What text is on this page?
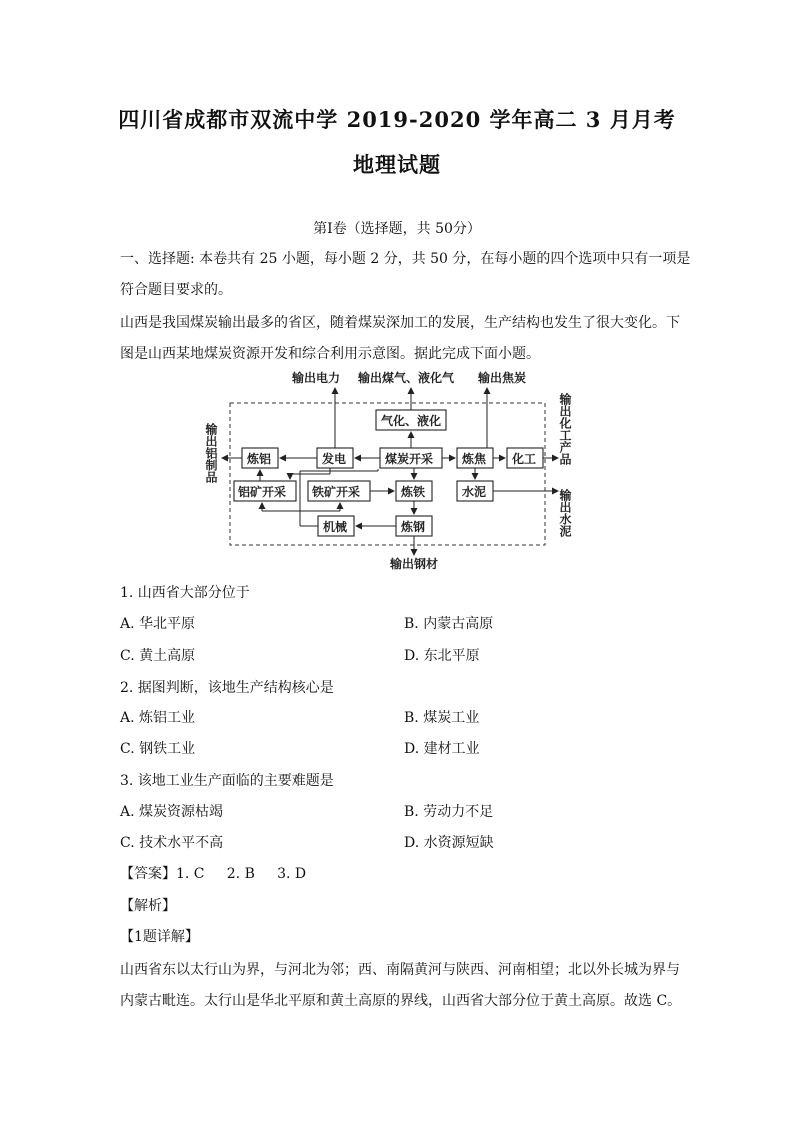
四川省成都市双流中学 2019-2020 学年高二 3 月月考
地理试题
第Ⅰ卷（选择题，共 50分）
一、选择题: 本卷共有 25 小题，每小题 2 分，共 50 分，在每小题的四个选项中只有一项是
符合题目要求的。
山西是我国煤炭输出最多的省区，随着煤炭深加工的发展，生产结构也发生了很大变化。下
图是山西某地煤炭资源开发和综合利用示意图。据此完成下面小题。
输出电力 输出煤气、液化气 输出焦炭
输出化工产品
输出水泥
输出铝制品
输出钢材
气化、液化
炼铝	发电	煤炭开采 炼焦 化工
铝矿开采 铁矿开采	炼铁	水泥
机械	炼钢
1. 山西省大部分位于
A. 华北平原	B. 内蒙古高原
C. 黄土高原	D. 东北平原
2. 据图判断，该地生产结构核心是
A. 炼铝工业	B. 煤炭工业
C. 钢铁工业	D. 建材工业
3. 该地工业生产面临的主要难题是
A. 煤炭资源枯竭	B. 劳动力不足
C. 技术水平不高	D. 水资源短缺
【答案】1. C     2. B     3. D
【解析】
【1题详解】
山西省东以太行山为界，与河北为邻；西、南隔黄河与陕西、河南相望；北以外长城为界与
内蒙古毗连。太行山是华北平原和黄土高原的界线，山西省大部分位于黄土高原。故选 C。
